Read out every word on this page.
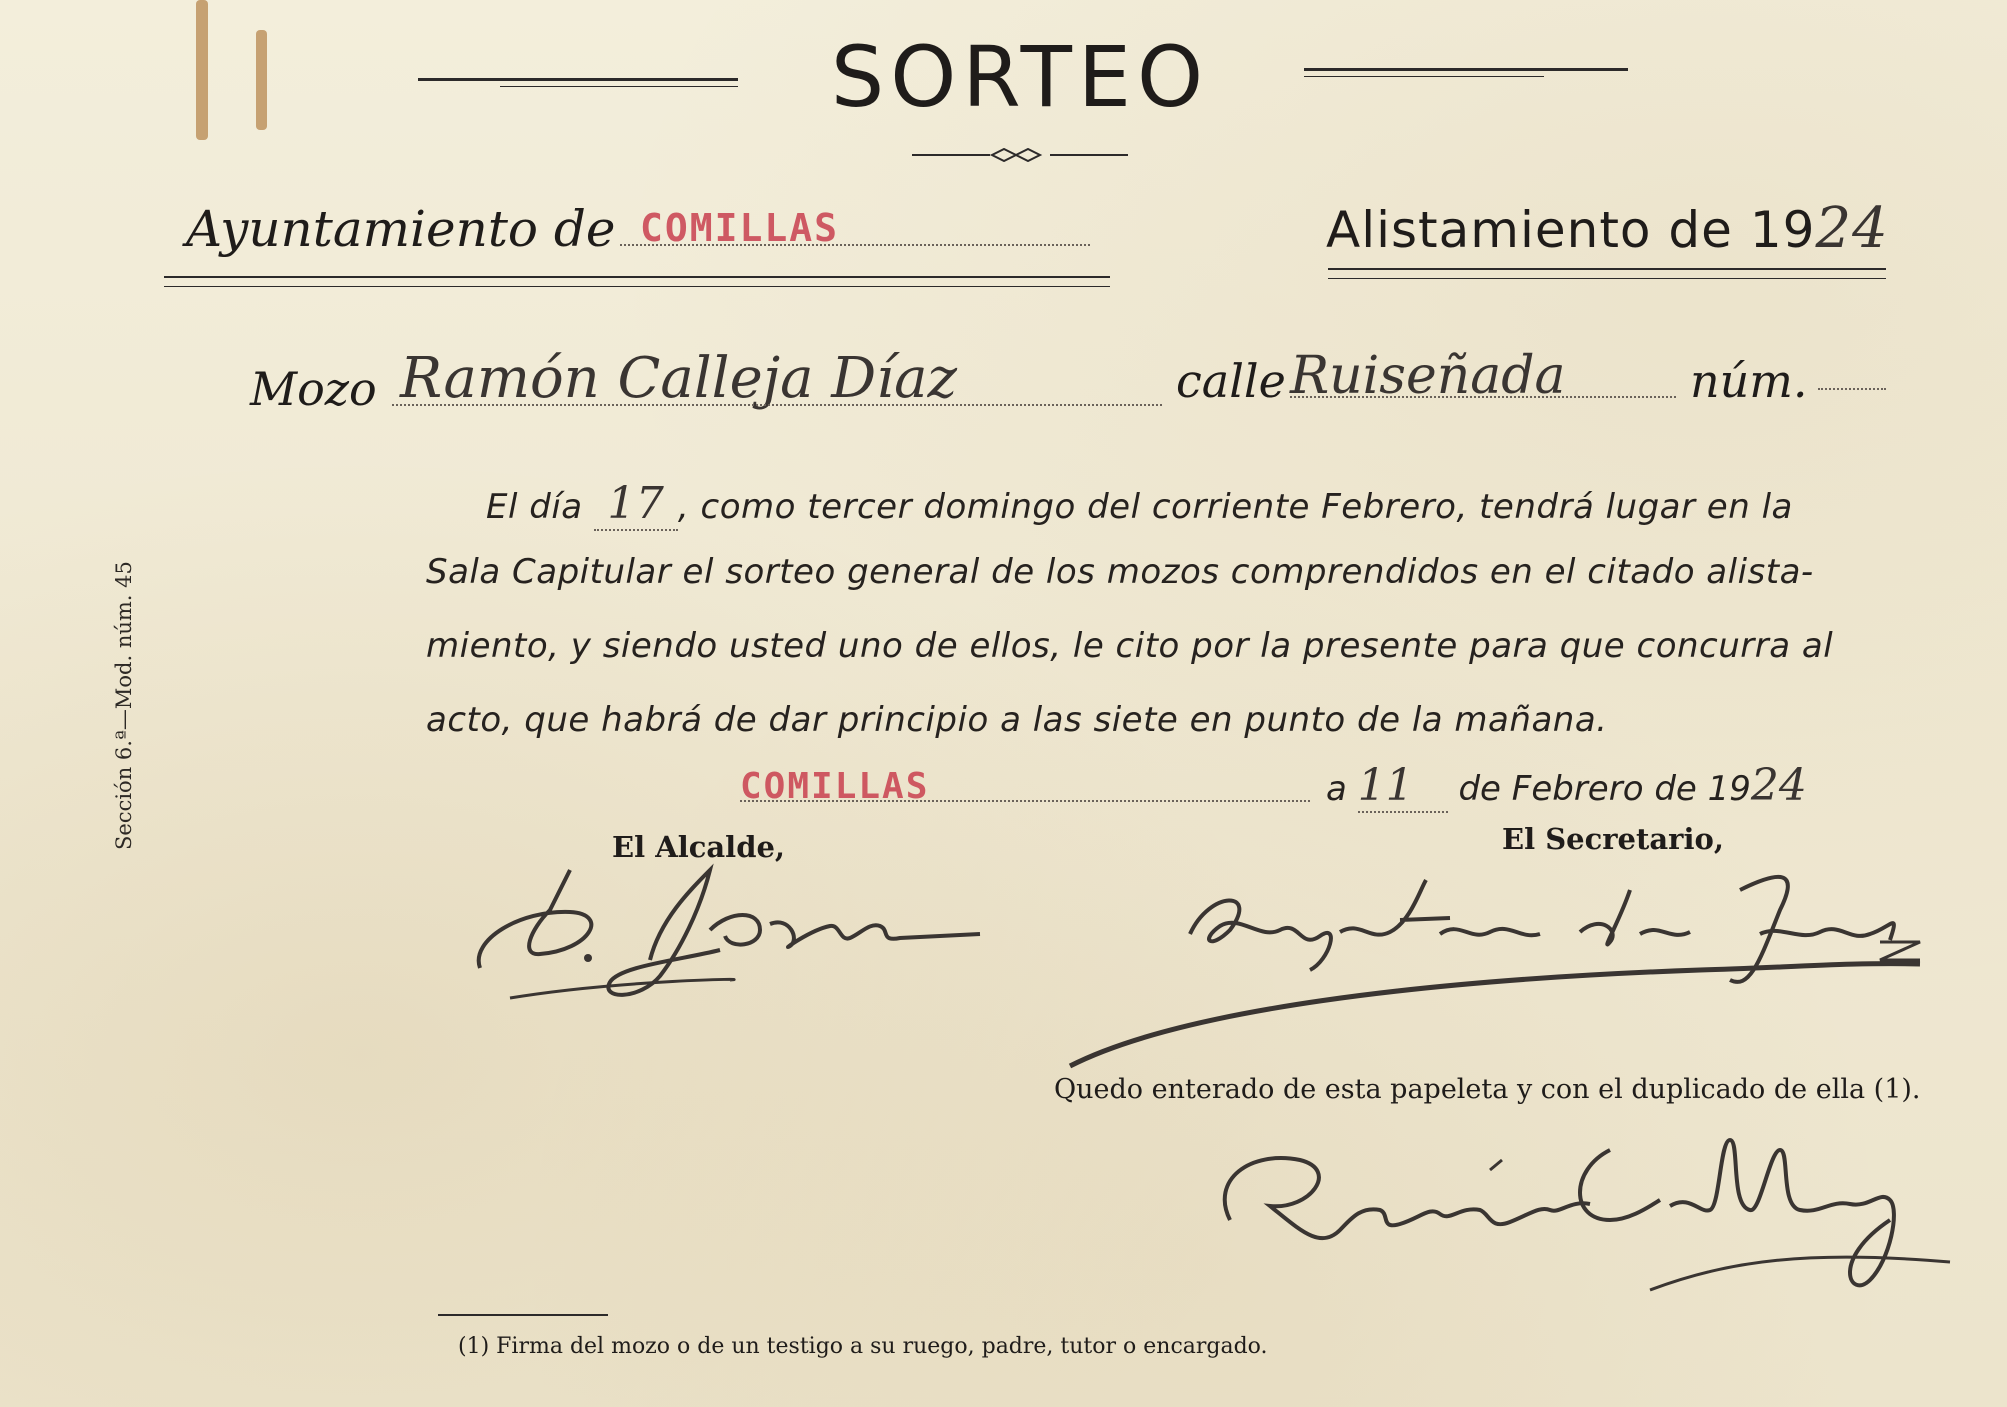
SORTEO
Ayuntamiento de COMILLAS	Alistamiento de 1924
Mozo Ramón Calleja Díaz	calle Ruiseñada	núm.
El día 17 , como tercer domingo del corriente Febrero, tendrá lugar en la
Sala Capitular el sorteo general de los mozos comprendidos en el citado alista-
miento, y siendo usted uno de ellos, le cito por la presente para que concurra al
acto, que habrá de dar principio a las siete en punto de la mañana.
COMILLAS	a 11 de Febrero de 1924
El Alcalde,	El Secretario,
Quedo enterado de esta papeleta y con el duplicado de ella (1).
(1) Firma del mozo o de un testigo a su ruego, padre, tutor o encargado.
Sección 6.ª—Mod. núm. 45
